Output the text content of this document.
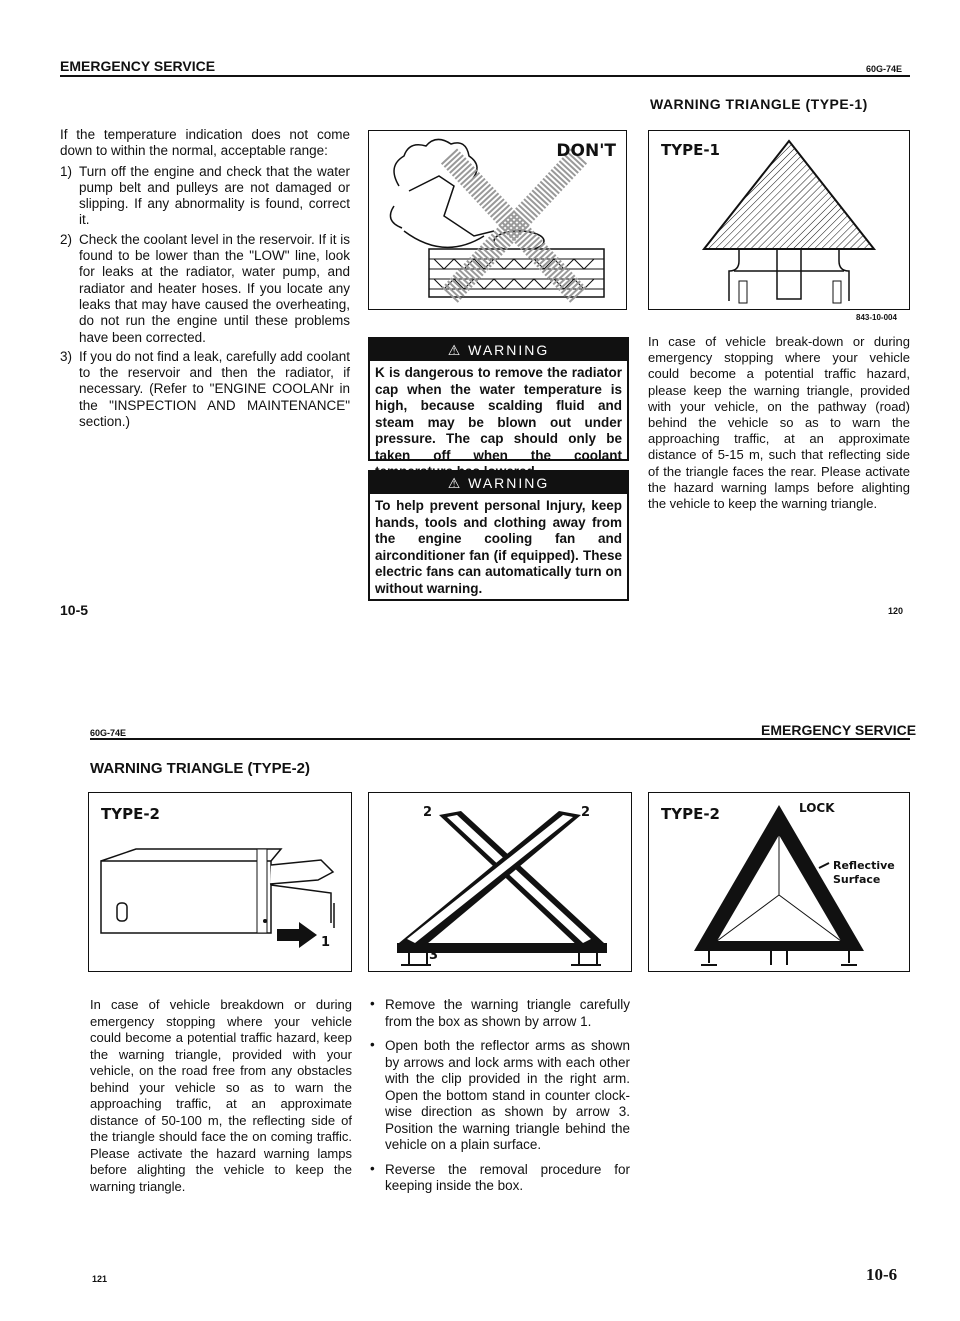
EMERGENCY SERVICE	60G-74E
WARNING TRIANGLE (TYPE-1)
If the temperature indication does not come down to within the normal, acceptable range:
1) Turn off the engine and check that the water pump belt and pulleys are not damaged or slipping. If any abnormality is found, correct it.
2) Check the coolant level in the reservoir. If it is found to be lower than the "LOW" line, look for leaks at the radiator, water pump, and radiator and heater hoses. If you locate any leaks that may have caused the overheating, do not run the engine until these problems have been corrected.
3) If you do not find a leak, carefully add coolant to the reservoir and then the radiator, if necessary. (Refer to "ENGINE COOLANr in the "INSPECTION AND MAINTENANCE" section.)
DON'T
⚠ WARNING
K is dangerous to remove the radiator cap when the water temperature is high, because scalding fluid and steam may be blown out under pressure. The cap should only be taken off when the coolant
⚠ WARNING
To help prevent personal Injury, keep hands, tools and clothing away from the engine cooling fan and airconditioner fan (if equipped). These electric fans can automatically turn on without warning.
TYPE-1
843-10-004
In case of vehicle break-down or during emergency stopping where your vehicle could become a potential traffic hazard, please keep the warning triangle, provided with your vehicle, on the pathway (road) behind the vehicle so as to warn the approaching traffic, at an approximate distance of 5-15 m, such that reflecting side of the triangle faces the rear. Please activate the hazard warning lamps before alighting the vehicle to keep the warning triangle.
10-5	120
60G-74E	EMERGENCY SERVICE
WARNING TRIANGLE (TYPE-2)
TYPE-2
1
2	2
3
TYPE-2	LOCK
Reflective
Surface
In case of vehicle breakdown or during emergency stopping where your vehicle could become a potential traffic hazard, keep the warning triangle, provided with your vehicle, on the road free from any obstacles behind your vehicle so as to warn the approaching traffic, at an approximate distance of 50-100 m, the reflecting side of the triangle should face the on coming traffic. Please activate the hazard warning lamps before alighting the vehicle to keep the warning triangle.
• Remove the warning triangle carefully from the box as shown by arrow 1.
• Open both the reflector arms as shown by arrows and lock arms with each other with the clip provided in the right arm. Open the bottom stand in counter clock-wise direction as shown by arrow 3. Position the warning triangle behind the vehicle on a plain surface.
• Reverse the removal procedure for keeping inside the box.
121	10-6
